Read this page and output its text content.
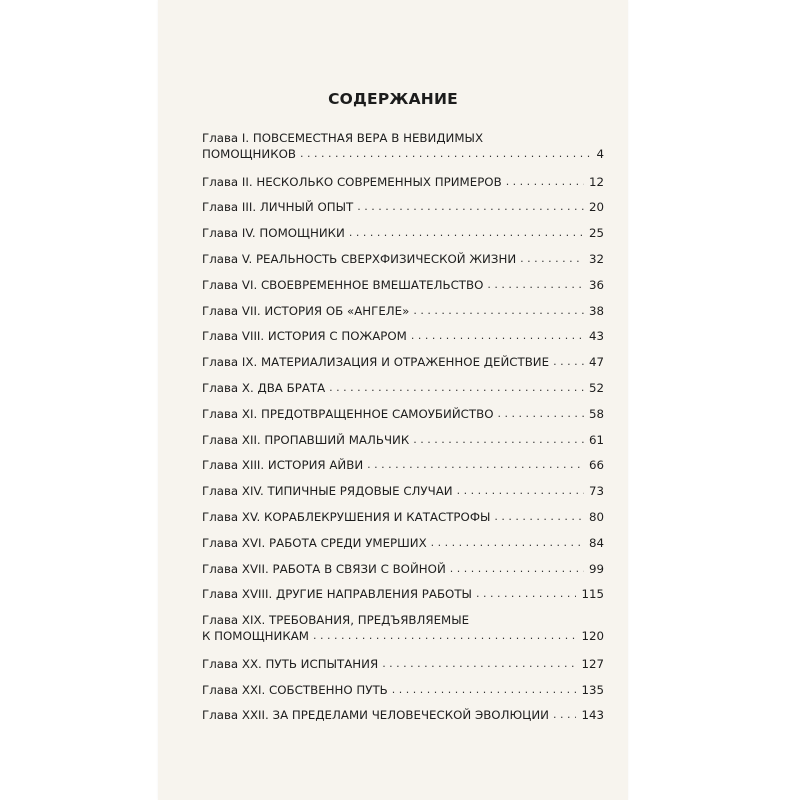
СОДЕРЖАНИЕ
Глава I. ПОВСЕМЕСТНАЯ ВЕРА В НЕВИДИМЫХ
ПОМОЩНИКОВ . . .	4
Глава II. НЕСКОЛЬКО СОВРЕМЕННЫХ ПРИМЕРОВ . . .	12
Глава III. ЛИЧНЫЙ ОПЫТ . . .	20
Глава IV. ПОМОЩНИКИ . . .	25
Глава V. РЕАЛЬНОСТЬ СВЕРХФИЗИЧЕСКОЙ ЖИЗНИ . . .	32
Глава VI. СВОЕВРЕМЕННОЕ ВМЕШАТЕЛЬСТВО . . .	36
Глава VII. ИСТОРИЯ ОБ «АНГЕЛЕ» . . .	38
Глава VIII. ИСТОРИЯ С ПОЖАРОМ . . .	43
Глава IX. МАТЕРИАЛИЗАЦИЯ И ОТРАЖЕННОЕ ДЕЙСТВИЕ . . .	47
Глава X. ДВА БРАТА . . .	52
Глава XI. ПРЕДОТВРАЩЕННОЕ САМОУБИЙСТВО . . .	58
Глава XII. ПРОПАВШИЙ МАЛЬЧИК . . .	61
Глава XIII. ИСТОРИЯ АЙВИ . . .	66
Глава XIV. ТИПИЧНЫЕ РЯДОВЫЕ СЛУЧАИ . . .	73
Глава XV. КОРАБЛЕКРУШЕНИЯ И КАТАСТРОФЫ . . .	80
Глава XVI. РАБОТА СРЕДИ УМЕРШИХ . . .	84
Глава XVII. РАБОТА В СВЯЗИ С ВОЙНОЙ . . .	99
Глава XVIII. ДРУГИЕ НАПРАВЛЕНИЯ РАБОТЫ . . .	115
Глава XIX. ТРЕБОВАНИЯ, ПРЕДЪЯВЛЯЕМЫЕ
К ПОМОЩНИКАМ . . .	120
Глава XX. ПУТЬ ИСПЫТАНИЯ . . .	127
Глава XXI. СОБСТВЕННО ПУТЬ . . .	135
Глава XXII. ЗА ПРЕДЕЛАМИ ЧЕЛОВЕЧЕСКОЙ ЭВОЛЮЦИИ . . .	143
